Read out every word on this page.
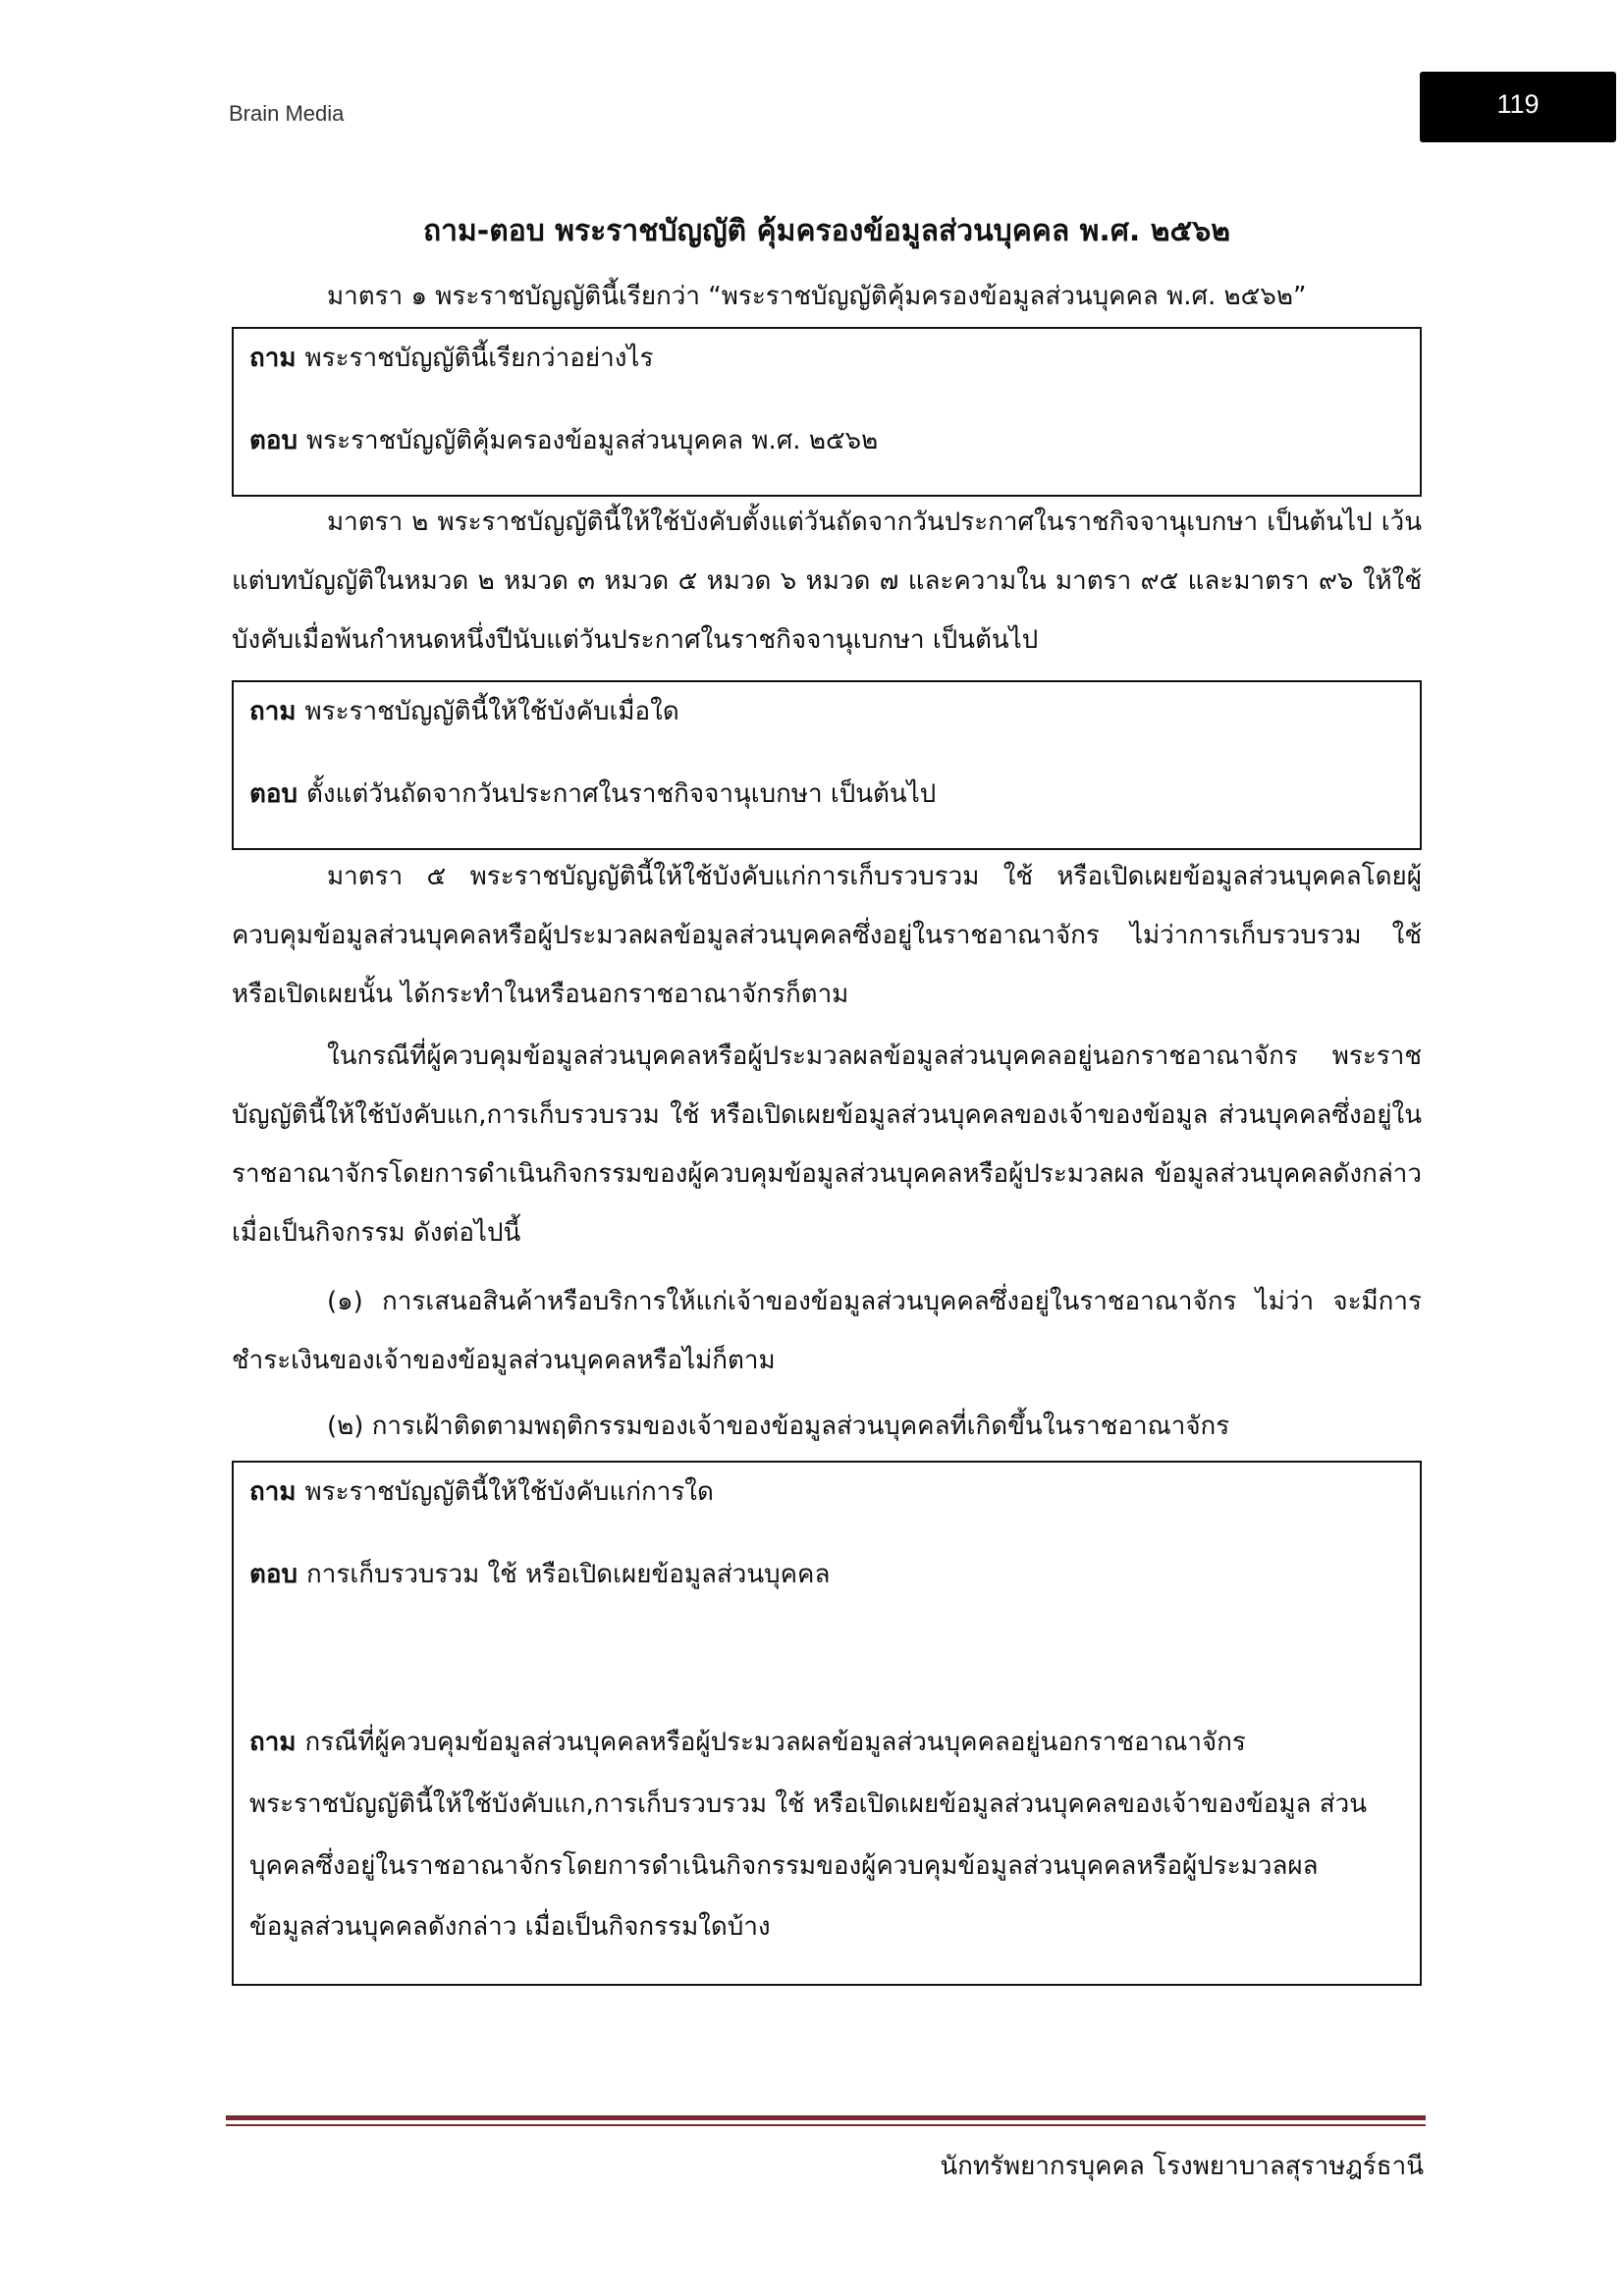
Brain Media	119
ถาม-ตอบ พระราชบัญญัติ คุ้มครองข้อมูลส่วนบุคคล พ.ศ. ๒๕๖๒

มาตรา ๑ พระราชบัญญัตินี้เรียกว่า “พระราชบัญญัติคุ้มครองข้อมูลส่วนบุคคล พ.ศ. ๒๕๖๒”

ถาม พระราชบัญญัตินี้เรียกว่าอย่างไร

ตอบ พระราชบัญญัติคุ้มครองข้อมูลส่วนบุคคล พ.ศ. ๒๕๖๒

มาตรา ๒ พระราชบัญญัตินี้ให้ใช้บังคับตั้งแต่วันถัดจากวันประกาศในราชกิจจานุเบกษา เป็นต้นไป เว้นแต่บทบัญญัติในหมวด ๒ หมวด ๓ หมวด ๕ หมวด ๖ หมวด ๗ และความใน มาตรา ๙๕ และมาตรา ๙๖ ให้ใช้บังคับเมื่อพ้นกำหนดหนึ่งปีนับแต่วันประกาศในราชกิจจานุเบกษา เป็นต้นไป

ถาม พระราชบัญญัตินี้ให้ใช้บังคับเมื่อใด

ตอบ ตั้งแต่วันถัดจากวันประกาศในราชกิจจานุเบกษา เป็นต้นไป

มาตรา ๕ พระราชบัญญัตินี้ให้ใช้บังคับแก่การเก็บรวบรวม ใช้ หรือเปิดเผยข้อมูลส่วนบุคคลโดยผู้ควบคุมข้อมูลส่วนบุคคลหรือผู้ประมวลผลข้อมูลส่วนบุคคลซึ่งอยู่ในราชอาณาจักร ไม่ว่าการเก็บรวบรวม ใช้ หรือเปิดเผยนั้น ได้กระทำในหรือนอกราชอาณาจักรก็ตาม

ในกรณีที่ผู้ควบคุมข้อมูลส่วนบุคคลหรือผู้ประมวลผลข้อมูลส่วนบุคคลอยู่นอกราชอาณาจักร พระราชบัญญัตินี้ให้ใช้บังคับแก,การเก็บรวบรวม ใช้ หรือเปิดเผยข้อมูลส่วนบุคคลของเจ้าของข้อมูล ส่วนบุคคลซึ่งอยู่ในราชอาณาจักรโดยการดำเนินกิจกรรมของผู้ควบคุมข้อมูลส่วนบุคคลหรือผู้ประมวลผล ข้อมูลส่วนบุคคลดังกล่าว เมื่อเป็นกิจกรรม ดังต่อไปนี้

(๑) การเสนอสินค้าหรือบริการให้แก่เจ้าของข้อมูลส่วนบุคคลซึ่งอยู่ในราชอาณาจักร ไม่ว่า จะมีการชำระเงินของเจ้าของข้อมูลส่วนบุคคลหรือไม่ก็ตาม

(๒) การเฝ้าติดตามพฤติกรรมของเจ้าของข้อมูลส่วนบุคคลที่เกิดขึ้นในราชอาณาจักร

ถาม พระราชบัญญัตินี้ให้ใช้บังคับแก่การใด

ตอบ การเก็บรวบรวม ใช้ หรือเปิดเผยข้อมูลส่วนบุคคล

ถาม กรณีที่ผู้ควบคุมข้อมูลส่วนบุคคลหรือผู้ประมวลผลข้อมูลส่วนบุคคลอยู่นอกราชอาณาจักร

พระราชบัญญัตินี้ให้ใช้บังคับแก,การเก็บรวบรวม ใช้ หรือเปิดเผยข้อมูลส่วนบุคคลของเจ้าของข้อมูล ส่วน

บุคคลซึ่งอยู่ในราชอาณาจักรโดยการดำเนินกิจกรรมของผู้ควบคุมข้อมูลส่วนบุคคลหรือผู้ประมวลผล

ข้อมูลส่วนบุคคลดังกล่าว เมื่อเป็นกิจกรรมใดบ้าง

นักทรัพยากรบุคคล โรงพยาบาลสุราษฎร์ธานี
